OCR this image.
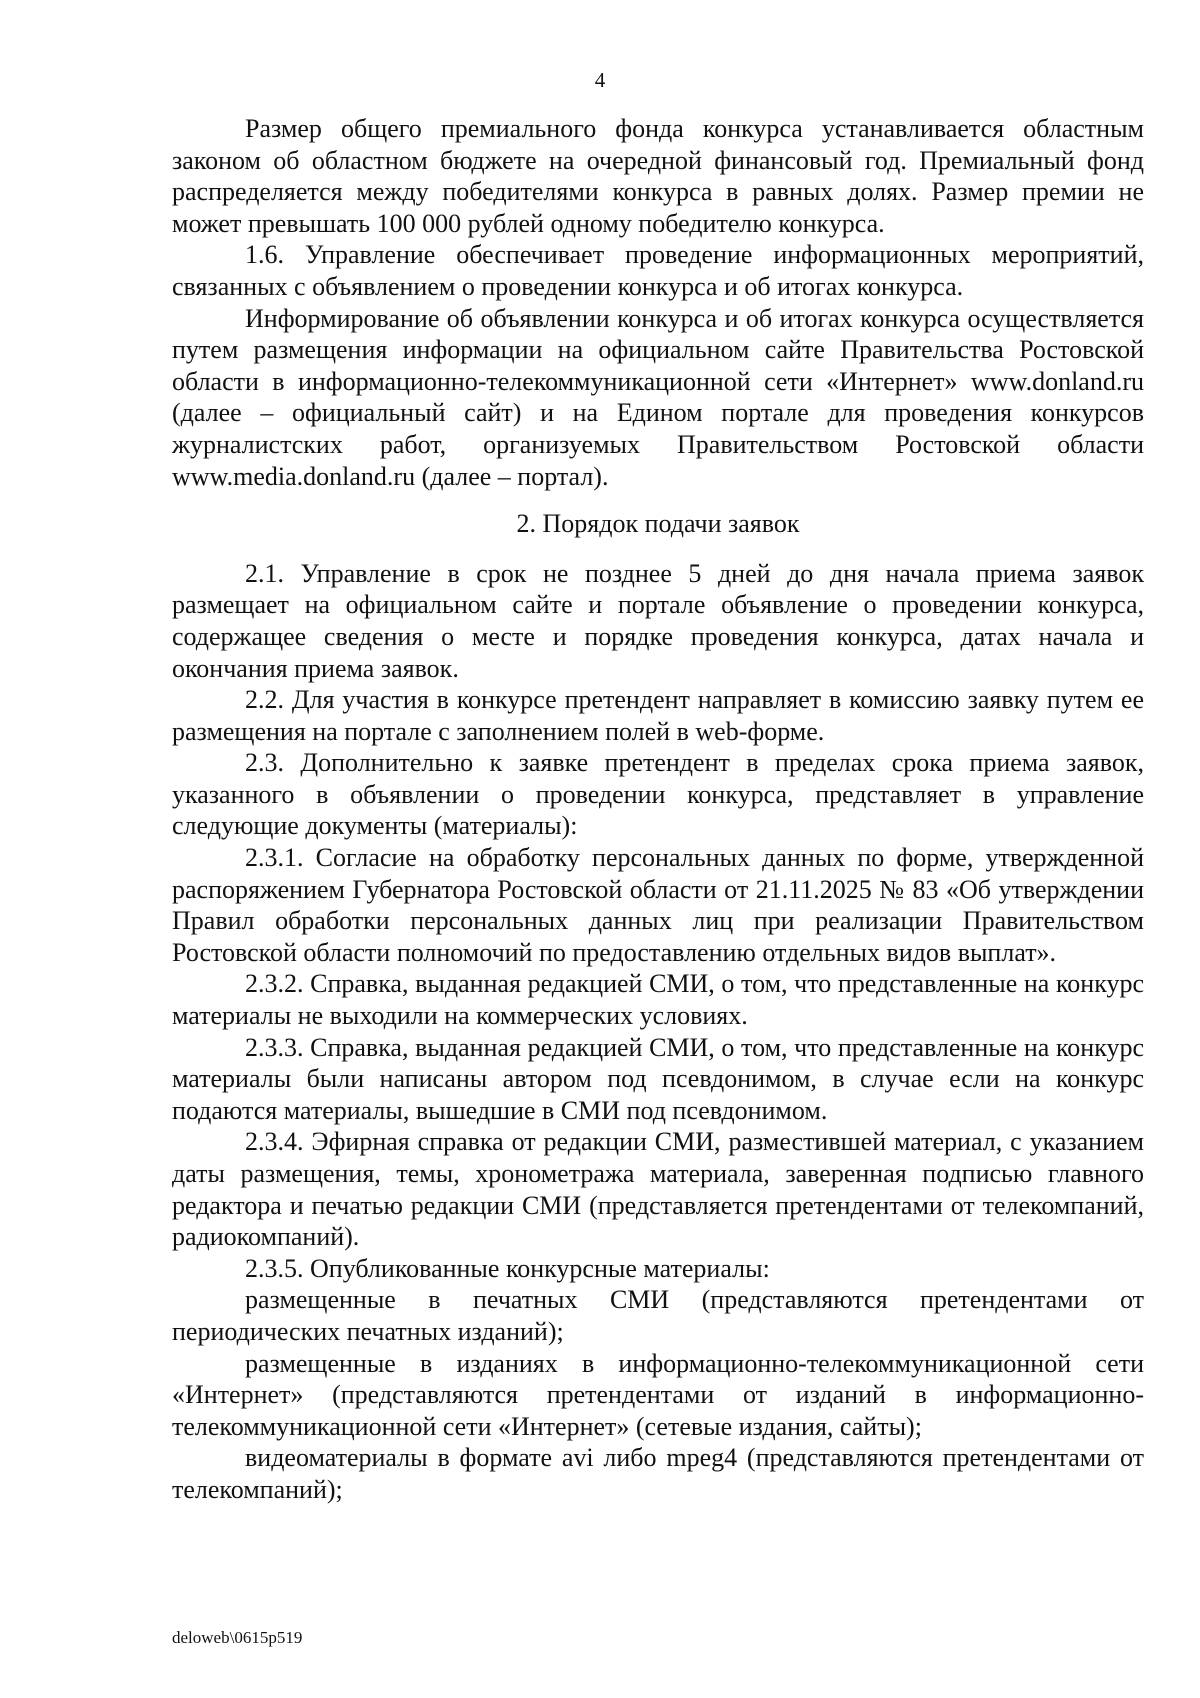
4

Размер общего премиального фонда конкурса устанавливается областным законом об областном бюджете на очередной финансовый год. Премиальный фонд распределяется между победителями конкурса в равных долях. Размер премии не может превышать 100 000 рублей одному победителю конкурса.

1.6. Управление обеспечивает проведение информационных мероприятий, связанных с объявлением о проведении конкурса и об итогах конкурса.

Информирование об объявлении конкурса и об итогах конкурса осуществляется путем размещения информации на официальном сайте Правительства Ростовской области в информационно-телекоммуникационной сети «Интернет» www.donland.ru (далее – официальный сайт) и на Едином портале для проведения конкурсов журналистских работ, организуемых Правительством Ростовской области www.media.donland.ru (далее – портал).

2. Порядок подачи заявок

2.1. Управление в срок не позднее 5 дней до дня начала приема заявок размещает на официальном сайте и портале объявление о проведении конкурса, содержащее сведения о месте и порядке проведения конкурса, датах начала и окончания приема заявок.

2.2. Для участия в конкурсе претендент направляет в комиссию заявку путем ее размещения на портале с заполнением полей в web-форме.

2.3. Дополнительно к заявке претендент в пределах срока приема заявок, указанного в объявлении о проведении конкурса, представляет в управление следующие документы (материалы):

2.3.1. Согласие на обработку персональных данных по форме, утвержденной распоряжением Губернатора Ростовской области от 21.11.2025 № 83 «Об утверждении Правил обработки персональных данных лиц при реализации Правительством Ростовской области полномочий по предоставлению отдельных видов выплат».

2.3.2. Справка, выданная редакцией СМИ, о том, что представленные на конкурс материалы не выходили на коммерческих условиях.

2.3.3. Справка, выданная редакцией СМИ, о том, что представленные на конкурс материалы были написаны автором под псевдонимом, в случае если на конкурс подаются материалы, вышедшие в СМИ под псевдонимом.

2.3.4. Эфирная справка от редакции СМИ, разместившей материал, с указанием даты размещения, темы, хронометража материала, заверенная подписью главного редактора и печатью редакции СМИ (представляется претендентами от телекомпаний, радиокомпаний).

2.3.5. Опубликованные конкурсные материалы:

размещенные в печатных СМИ (представляются претендентами от периодических печатных изданий);

размещенные в изданиях в информационно-телекоммуникационной сети «Интернет» (представляются претендентами от изданий в информационно-телекоммуникационной сети «Интернет» (сетевые издания, сайты);

видеоматериалы в формате avi либо mpeg4 (представляются претендентами от телекомпаний);

deloweb\0615p519
